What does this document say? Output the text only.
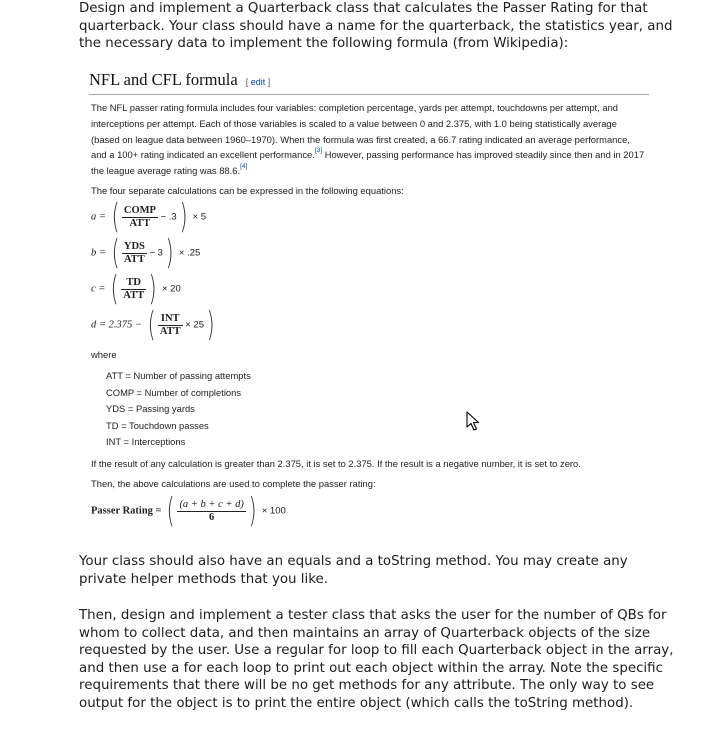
Design and implement a Quarterback class that calculates the Passer Rating for that quarterback. Your class should have a name for the quarterback, the statistics year, and the necessary data to implement the following formula (from Wikipedia):
NFL and CFL formula [ edit ]
The NFL passer rating formula includes four variables: completion percentage, yards per attempt, touchdowns per attempt, and interceptions per attempt. Each of those variables is scaled to a value between 0 and 2.375, with 1.0 being statistically average (based on league data between 1960–1970). When the formula was first created, a 66.7 rating indicated an average performance, and a 100+ rating indicated an excellent performance.[3] However, passing performance has improved steadily since then and in 2017 the league average rating was 88.6.[4]
The four separate calculations can be expressed in the following equations:
a = ( $\frac{\text{COMP}}{\text{ATT}} - .3) \times 5$
b = ( $\frac{\text{YDS}}{\text{ATT}} - 3) \times .25$
c = ( $\frac{TD}{\text{ATT}}$ ) × 20
d = 2.375 − ( $\frac{\text{INT}}{\text{ATT}} \times 25$)
where
ATT = Number of passing attempts
COMP = Number of completions
YDS = Passing yards
TD = Touchdown passes
INT = Interceptions
If the result of any calculation is greater than 2.375, it is set to 2.375. If the result is a negative number, it is set to zero.
Then, the above calculations are used to complete the passer rating:
Passer Rating = ( $\frac{(a + b + c + d)}{6}$ ) × 100
Your class should also have an equals and a toString method. You may create any private helper methods that you like.
Then, design and implement a tester class that asks the user for the number of QBs for whom to collect data, and then maintains an array of Quarterback objects of the size requested by the user. Use a regular for loop to fill each Quarterback object in the array, and then use a for each loop to print out each object within the array. Note the specific requirements that there will be no get methods for any attribute. The only way to see output for the object is to print the entire object (which calls the toString method).
